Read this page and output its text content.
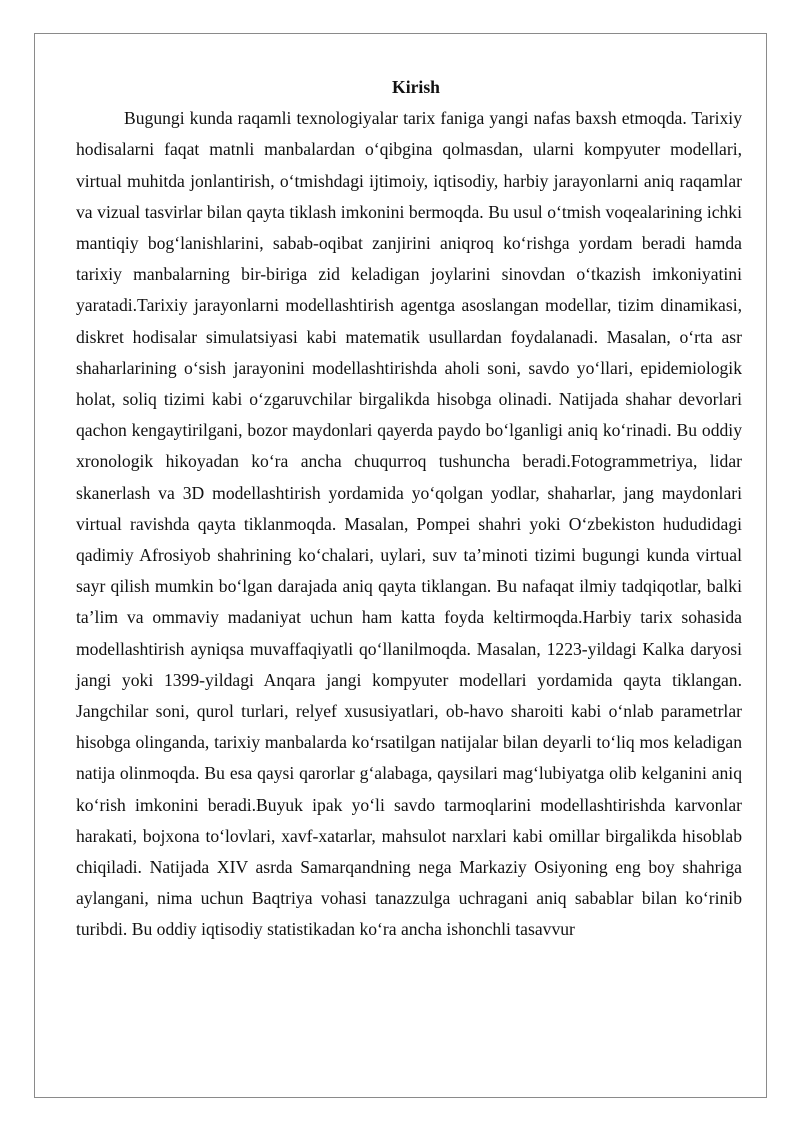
Kirish

Bugungi kunda raqamli texnologiyalar tarix faniga yangi nafas baxsh etmoqda. Tarixiy hodisalarni faqat matnli manbalardan oʻqibgina qolmasdan, ularni kompyuter modellari, virtual muhitda jonlantirish, oʻtmishdagi ijtimoiy, iqtisodiy, harbiy jarayonlarni aniq raqamlar va vizual tasvirlar bilan qayta tiklash imkonini bermoqda. Bu usul oʻtmish voqealarining ichki mantiqiy bogʻlanishlarini, sabab-oqibat zanjirini aniqroq koʻrishga yordam beradi hamda tarixiy manbalarning bir-biriga zid keladigan joylarini sinovdan oʻtkazish imkoniyatini yaratadi.Tarixiy jarayonlarni modellashtirish agentga asoslangan modellar, tizim dinamikasi, diskret hodisalar simulatsiyasi kabi matematik usullardan foydalanadi. Masalan, oʻrta asr shaharlarining oʻsish jarayonini modellashtirishda aholi soni, savdo yoʻllari, epidemiologik holat, soliq tizimi kabi oʻzgaruvchilar birgalikda hisobga olinadi. Natijada shahar devorlari qachon kengaytirilgani, bozor maydonlari qayerda paydo boʻlganligi aniq koʻrinadi. Bu oddiy xronologik hikoyadan koʻra ancha chuqurroq tushuncha beradi.Fotogrammetriya, lidar skanerlash va 3D modellashtirish yordamida yoʻqolgan yodlar, shaharlar, jang maydonlari virtual ravishda qayta tiklanmoqda. Masalan, Pompei shahri yoki Oʻzbekiston hududidagi qadimiy Afrosiyob shahrining koʻchalari, uylari, suv taʼminoti tizimi bugungi kunda virtual sayr qilish mumkin boʻlgan darajada aniq qayta tiklangan. Bu nafaqat ilmiy tadqiqotlar, balki taʼlim va ommaviy madaniyat uchun ham katta foyda keltirmoqda.Harbiy tarix sohasida modellashtirish ayniqsa muvaffaqiyatli qoʻllanilmoqda. Masalan, 1223-yildagi Kalka daryosi jangi yoki 1399-yildagi Anqara jangi kompyuter modellari yordamida qayta tiklangan. Jangchilar soni, qurol turlari, relyef xususiyatlari, ob-havo sharoiti kabi oʻnlab parametrlar hisobga olinganda, tarixiy manbalarda koʻrsatilgan natijalar bilan deyarli toʻliq mos keladigan natija olinmoqda. Bu esa qaysi qarorlar gʻalabaga, qaysilari magʻlubiyatga olib kelganini aniq koʻrish imkonini beradi.Buyuk ipak yoʻli savdo tarmoqlarini modellashtirishda karvonlar harakati, bojxona toʻlovlari, xavf-xatarlar, mahsulot narxlari kabi omillar birgalikda hisoblab chiqiladi. Natijada XIV asrda Samarqandning nega Markaziy Osiyoning eng boy shahriga aylangani, nima uchun Baqtriya vohasi tanazzulga uchragani aniq sabablar bilan koʻrinib turibdi. Bu oddiy iqtisodiy statistikadan koʻra ancha ishonchli tasavvur
